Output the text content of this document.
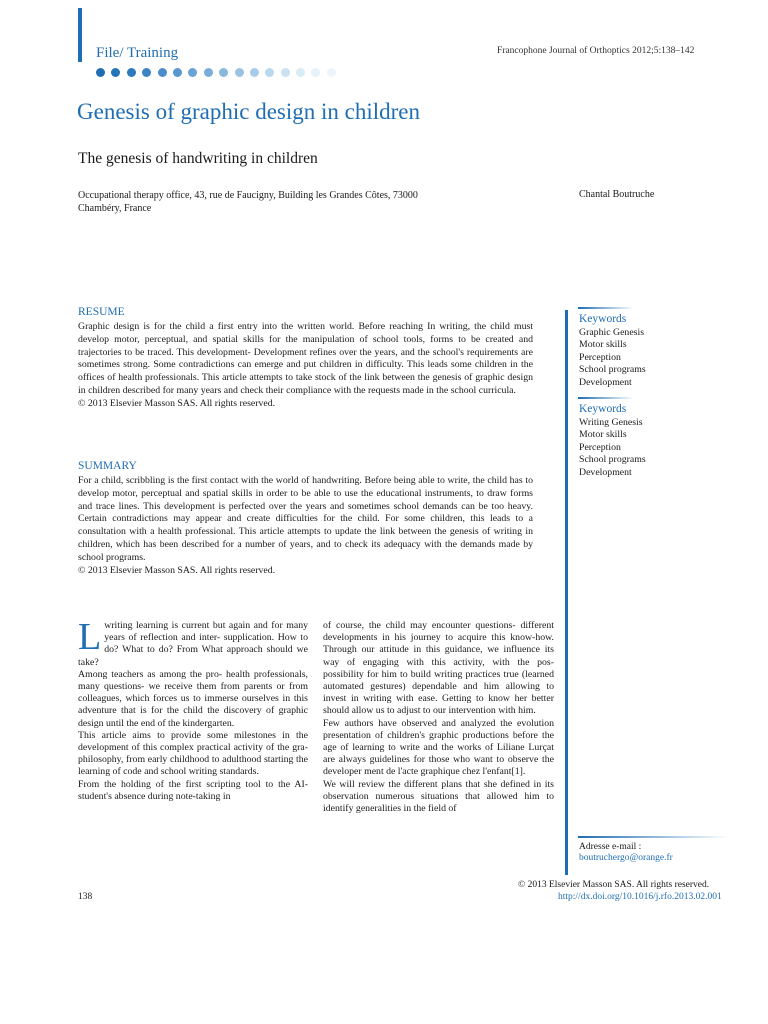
File/ Training	Francophone Journal of Orthoptics 2012;5:138–142
Genesis of graphic design in children
The genesis of handwriting in children
Occupational therapy office, 43, rue de Faucigny, Building les Grandes Côtes, 73000
Chambéry, France
Chantal Boutruche
RESUME

Graphic design is for the child a first entry into the written world. Before reaching In writing, the child must develop motor, perceptual, and spatial skills for the manipulation of school tools, forms to be created and trajectories to be traced. This development- Development refines over the years, and the school's requirements are sometimes strong. Some contradictions can emerge and put children in difficulty. This leads some children in the offices of health professionals. This article attempts to take stock of the link between the genesis of graphic design in children described for many years and check their compliance with the requests made in the school curricula.

© 2013 Elsevier Masson SAS. All rights reserved.

SUMMARY

For a child, scribbling is the first contact with the world of handwriting. Before being able to write, the child has to develop motor, perceptual and spatial skills in order to be able to use the educational instruments, to draw forms and trace lines. This development is perfected over the years and sometimes school demands can be too heavy. Certain contradictions may appear and create difficulties for the child. For some children, this leads to a consultation with a health professional. This article attempts to update the link between the genesis of writing in children, which has been described for a number of years, and to check its adequacy with the demands made by school programs.

© 2013 Elsevier Masson SAS. All rights reserved.

Keywords
Graphic Genesis
Motor skills
Perception
School programs
Development
Keywords
Writing Genesis
Motor skills
Perception
School programs
Development
L writing learning is current but again and for many years of reflection and inter- supplication. How to do? What to do? From What approach should we take?

Among teachers as among the pro- health professionals, many questions- we receive them from parents or from colleagues, which forces us to immerse ourselves in this adventure that is for the child the discovery of graphic design until the end of the kindergarten.

This article aims to provide some milestones in the development of this complex practical activity of the gra- philosophy, from early childhood to adulthood starting the learning of code and school writing standards.

From the holding of the first scripting tool to the AI- student's absence during note-taking in

of course, the child may encounter questions- different developments in his journey to acquire this know-how. Through our attitude in this guidance, we influence its way of engaging with this activity, with the pos- possibility for him to build writing practices true (learned automated gestures) dependable and him allowing to invest in writing with ease. Getting to know her better should allow us to adjust to our intervention with him.

Few authors have observed and analyzed the evolution presentation of children's graphic productions before the age of learning to write and the works of Liliane Lurçat are always guidelines for those who want to observe the developer ment de l'acte graphique chez l'enfant[1].

We will review the different plans that she defined in its observation numerous situations that allowed him to identify generalities in the field of

Adresse e-mail :
boutruchergo@orange.fr
© 2013 Elsevier Masson SAS. All rights reserved.
138	http://dx.doi.org/10.1016/j.rfo.2013.02.001
